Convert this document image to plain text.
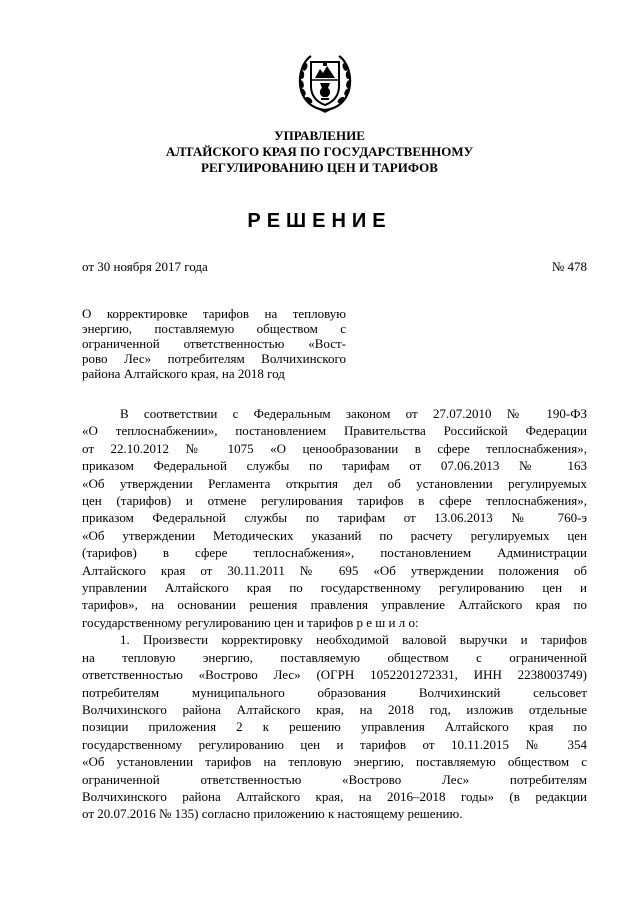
УПРАВЛЕНИЕ
АЛТАЙСКОГО КРАЯ ПО ГОСУДАРСТВЕННОМУ
РЕГУЛИРОВАНИЮ ЦЕН И ТАРИФОВ
РЕШЕНИЕ
от 30 ноября 2017 года	№ 478
О корректировке тарифов на тепловую
энергию, поставляемую обществом с
ограниченной ответственностью «Вост-
рово Лес» потребителям Волчихинского
района Алтайского края, на 2018 год
В соответствии с Федеральным законом от 27.07.2010 № 190-ФЗ
«О теплоснабжении», постановлением Правительства Российской Федерации
от 22.10.2012 № 1075 «О ценообразовании в сфере теплоснабжения»,
приказом Федеральной службы по тарифам от 07.06.2013 № 163
«Об утверждении Регламента открытия дел об установлении регулируемых
цен (тарифов) и отмене регулирования тарифов в сфере теплоснабжения»,
приказом Федеральной службы по тарифам от 13.06.2013 № 760-э
«Об утверждении Методических указаний по расчету регулируемых цен
(тарифов) в сфере теплоснабжения», постановлением Администрации
Алтайского края от 30.11.2011 № 695 «Об утверждении положения об
управлении Алтайского края по государственному регулированию цен и
тарифов», на основании решения правления управление Алтайского края по
государственному регулированию цен и тарифов р е ш и л о:
1. Произвести корректировку необходимой валовой выручки и тарифов
на тепловую энергию, поставляемую обществом с ограниченной
ответственностью «Вострово Лес» (ОГРН 1052201272331, ИНН 2238003749)
потребителям муниципального образования Волчихинский сельсовет
Волчихинского района Алтайского края, на 2018 год, изложив отдельные
позиции приложения 2 к решению управления Алтайского края по
государственному регулированию цен и тарифов от 10.11.2015 № 354
«Об установлении тарифов на тепловую энергию, поставляемую обществом с
ограниченной ответственностью «Вострово Лес» потребителям
Волчихинского района Алтайского края, на 2016–2018 годы» (в редакции
от 20.07.2016 № 135) согласно приложению к настоящему решению.
